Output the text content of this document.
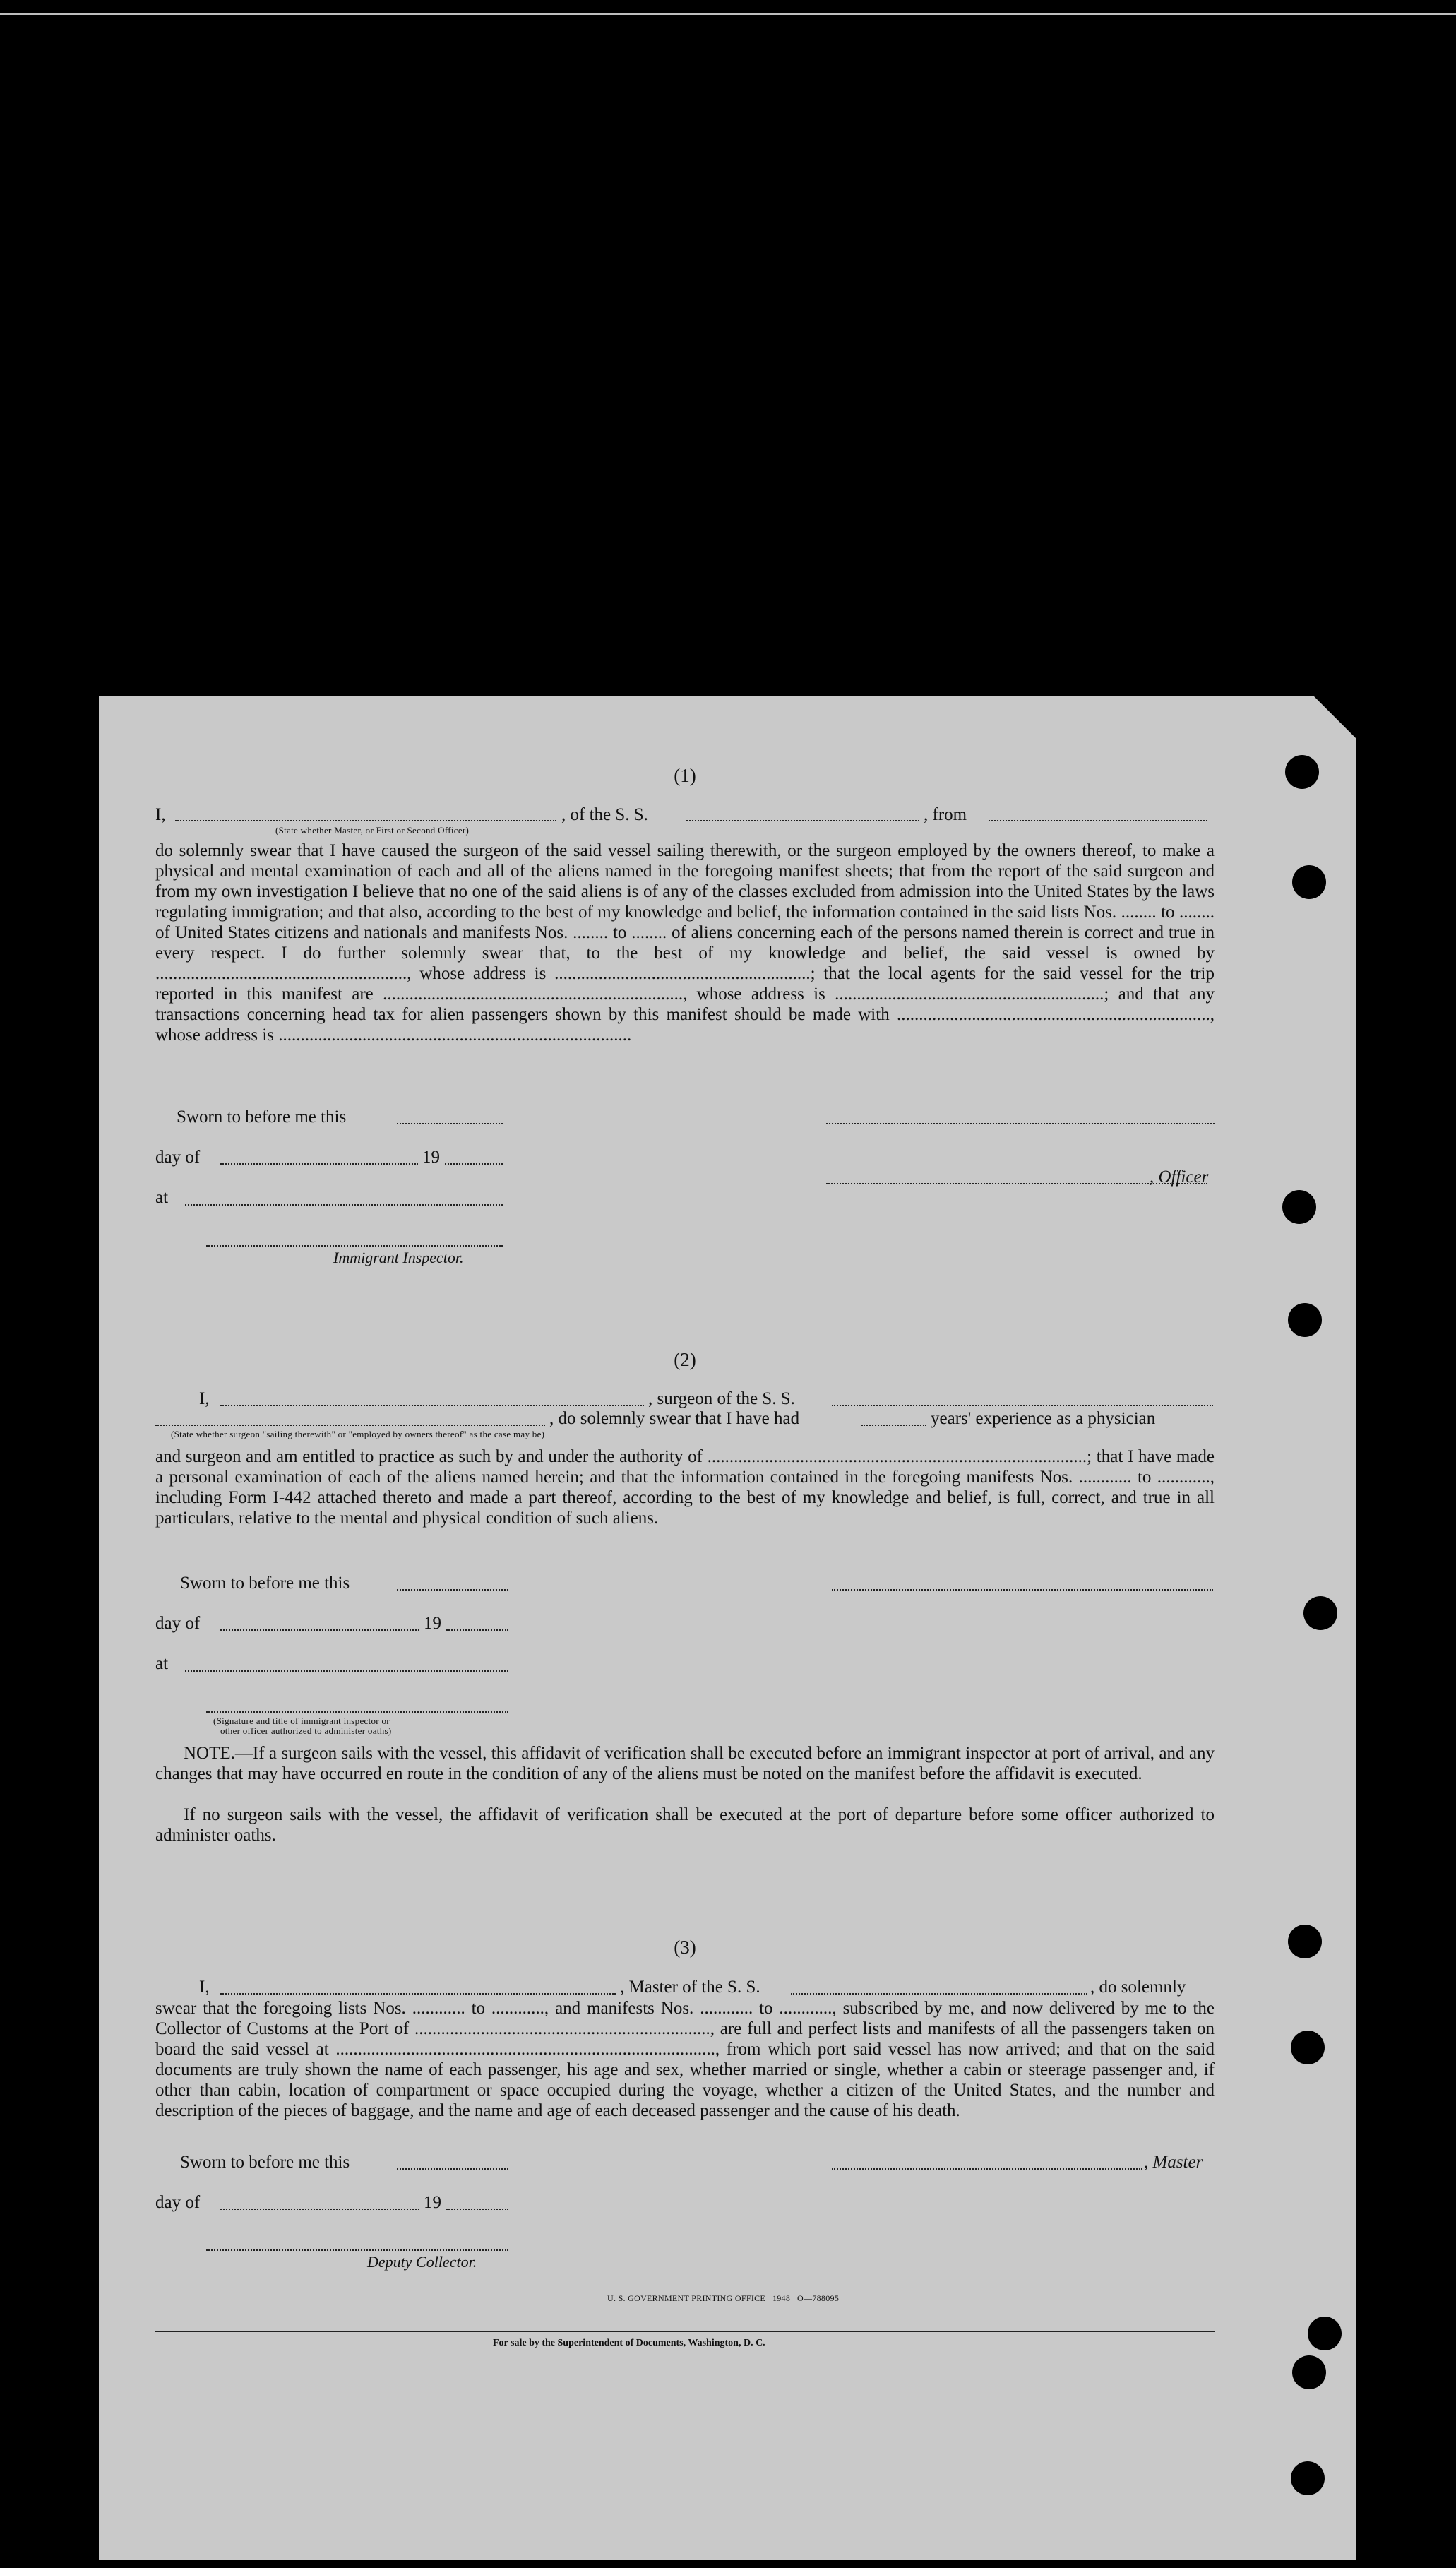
(1)
I,	, of the S. S.	, from
(State whether Master, or First or Second Officer)
do solemnly swear that I have caused the surgeon of the said vessel sailing therewith, or the surgeon employed by the owners thereof, to make a physical and mental examination of each and all of the aliens named in the foregoing manifest sheets; that from the report of the said surgeon and from my own investigation I believe that no one of the said aliens is of any of the classes excluded from admission into the United States by the laws regulating immigration; and that also, according to the best of my knowledge and belief, the information contained in the said lists Nos. ........ to ........ of United States citizens and nationals and manifests Nos. ........ to ........ of aliens concerning each of the persons named therein is correct and true in every respect. I do further solemnly swear that, to the best of my knowledge and belief, the said vessel is owned by ........................................................., whose address is ..........................................................; that the local agents for the said vessel for the trip reported in this manifest are ...................................................................., whose address is .............................................................; and that any transactions concerning head tax for alien passengers shown by this manifest should be made with ......................................................................., whose address is ................................................................................
Sworn to before me this
day of	19
, Officer
at
Immigrant Inspector.
(2)
I,	, surgeon of the S. S.
, do solemnly swear that I have had	years' experience as a physician
(State whether surgeon "sailing therewith" or "employed by owners thereof" as the case may be)
and surgeon and am entitled to practice as such by and under the authority of ......................................................................................; that I have made a personal examination of each of the aliens named herein; and that the information contained in the foregoing manifests Nos. ............ to ............, including Form I-442 attached thereto and made a part thereof, according to the best of my knowledge and belief, is full, correct, and true in all particulars, relative to the mental and physical condition of such aliens.
Sworn to before me this
day of	19
at
(Signature and title of immigrant inspector or
other officer authorized to administer oaths)
NOTE.—If a surgeon sails with the vessel, this affidavit of verification shall be executed before an immigrant inspector at port of arrival, and any changes that may have occurred en route in the condition of any of the aliens must be noted on the manifest before the affidavit is executed.
If no surgeon sails with the vessel, the affidavit of verification shall be executed at the port of departure before some officer authorized to administer oaths.
(3)
I,	, Master of the S. S.	, do solemnly
swear that the foregoing lists Nos. ............ to ............, and manifests Nos. ............ to ............, subscribed by me, and now delivered by me to the Collector of Customs at the Port of ..................................................................., are full and perfect lists and manifests of all the passengers taken on board the said vessel at ......................................................................................, from which port said vessel has now arrived; and that on the said documents are truly shown the name of each passenger, his age and sex, whether married or single, whether a cabin or steerage passenger and, if other than cabin, location of compartment or space occupied during the voyage, whether a citizen of the United States, and the number and description of the pieces of baggage, and the name and age of each deceased passenger and the cause of his death.
Sworn to before me this	, Master
day of	19
Deputy Collector.
U. S. GOVERNMENT PRINTING OFFICE   1948   O—788095
For sale by the Superintendent of Documents, Washington, D. C.
